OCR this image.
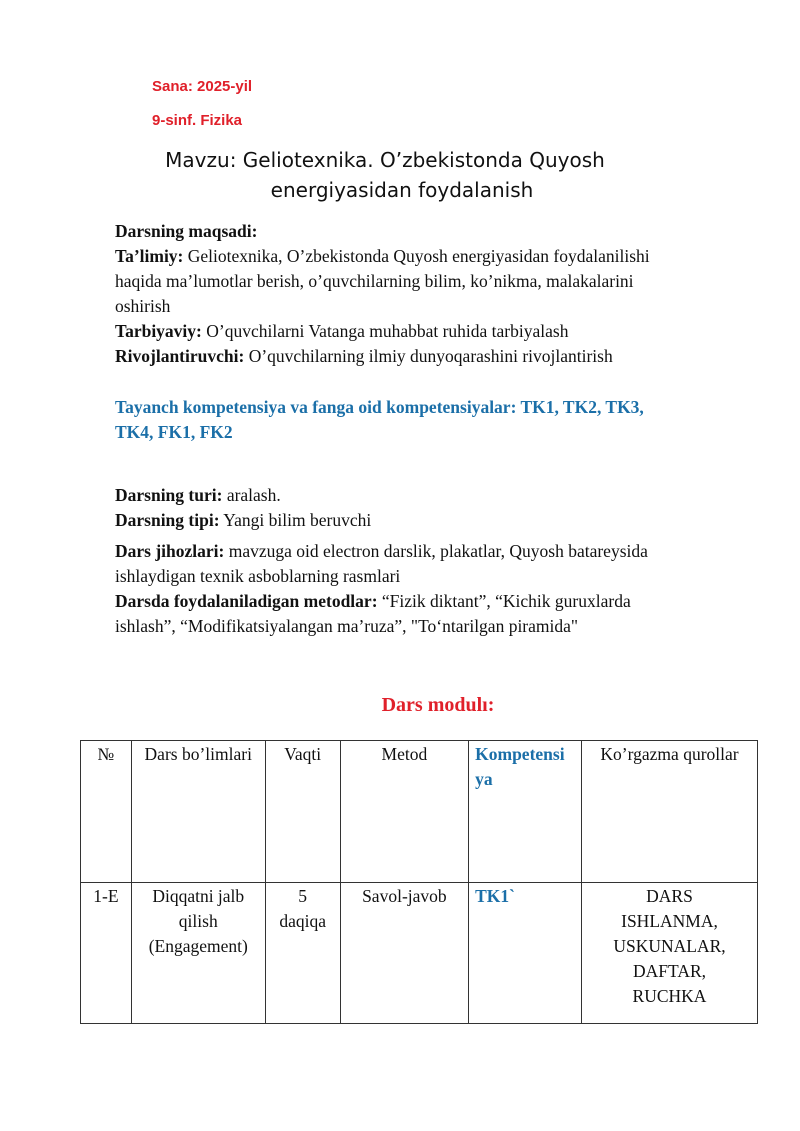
Sana: 2025-yil
9-sinf. Fizika
Mavzu: Geliotexnika. O’zbekistonda Quyosh
energiyasidan foydalanish
Darsning maqsadi:
Ta’limiy: Geliotexnika, O’zbekistonda Quyosh energiyasidan foydalanilishi
haqida ma’lumotlar berish, o’quvchilarning bilim, ko’nikma, malakalarini
oshirish
Tarbiyaviy: O’quvchilarni Vatanga muhabbat ruhida tarbiyalash
Rivojlantiruvchi: O’quvchilarning ilmiy dunyoqarashini rivojlantirish
Tayanch kompetensiya va fanga oid kompetensiyalar: TK1, TK2, TK3,
TK4, FK1, FK2
Darsning turi: aralash.
Darsning tipi: Yangi bilim beruvchi
Dars jihozlari: mavzuga oid electron darslik, plakatlar, Quyosh batareysida
ishlaydigan texnik asboblarning rasmlari
Darsda foydalaniladigan metodlar: “Fizik diktant”, “Kichik guruxlarda
ishlash”, “Modifikatsiyalangan ma’ruza”, "To‘ntarilgan piramida"
Dars modulı:
№	Dars bo’limlari	Vaqti	Metod	Kompetensi ya	Ko’rgazma qurollar
1-E	Diqqatni jalb qilish (Engagement)	5 daqiqa	Savol-javob	TK1`	DARS ISHLANMA, USKUNALAR, DAFTAR, RUCHKA
